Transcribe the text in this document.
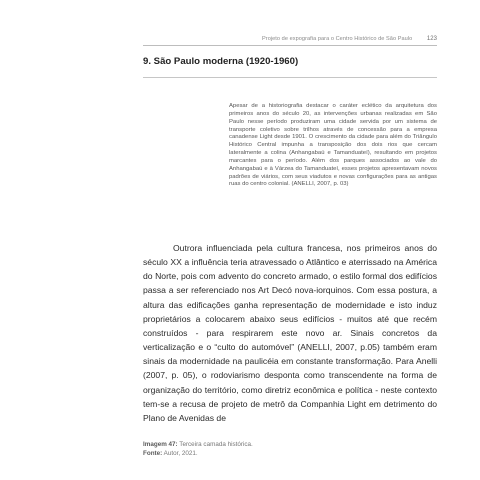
Projeto de expografia para o Centro Histórico de São Paulo 123
9. São Paulo moderna (1920-1960)

Apesar de a historiografia destacar o caráter eclético da arquitetura dos primeiros anos do século 20, as intervenções urbanas realizadas em São Paulo nesse período produziram uma cidade servida por um sistema de transporte coletivo sobre trilhos através de concessão para a empresa canadense Light desde 1901. O crescimento da cidade para além do Triângulo Histórico Central impunha a transposição dos dois rios que cercam lateralmente a colina (Anhangabaú e Tamanduateí), resultando em projetos marcantes para o período. Além dos parques associados ao vale do Anhangabaú e à Várzea do Tamanduateí, esses projetos apresentavam novos padrões de viários, com seus viadutos e novas configurações para as antigas ruas do centro colonial. (ANELLI, 2007, p. 03)

Outrora influenciada pela cultura francesa, nos primeiros anos do século XX a influência teria atravessado o Atlântico e aterrissado na América do Norte, pois com advento do concreto armado, o estilo formal dos edifícios passa a ser referenciado nos Art Decó nova-iorquinos. Com essa postura, a altura das edificações ganha representação de modernidade e isto induz proprietários a colocarem abaixo seus edifícios - muitos até que recém construídos - para respirarem este novo ar. Sinais concretos da verticalização e o “culto do automóvel” (ANELLI, 2007, p.05) também eram sinais da modernidade na paulicéia em constante transformação. Para Anelli (2007, p. 05), o rodoviarismo desponta como transcendente na forma de organização do território, como diretriz econômica e política - neste contexto tem-se a recusa de projeto de metrô da Companhia Light em detrimento do Plano de Avenidas de

Imagem 47: Terceira camada histórica.
Fonte: Autor, 2021.
